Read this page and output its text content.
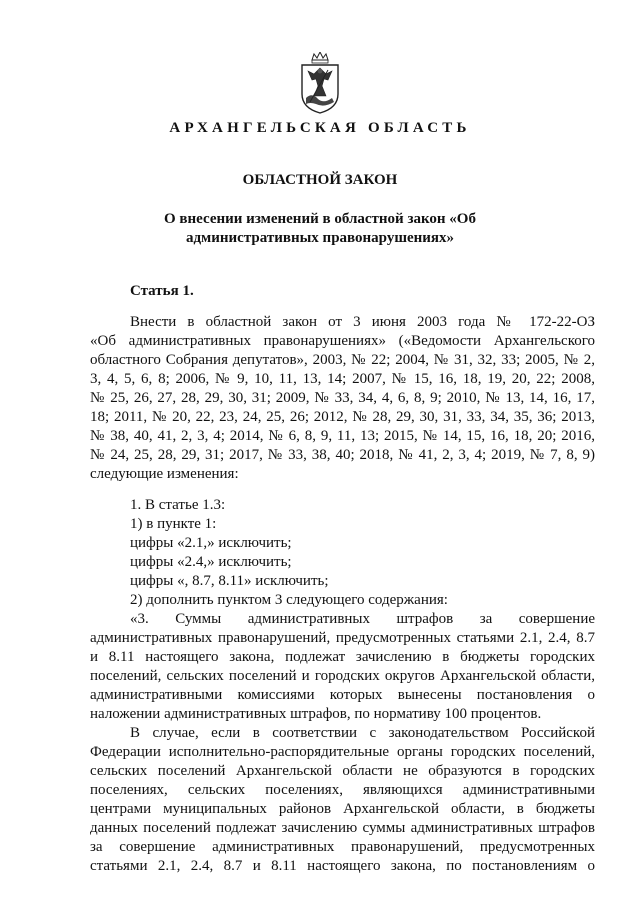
АРХАНГЕЛЬСКАЯ ОБЛАСТЬ
ОБЛАСТНОЙ ЗАКОН
О внесении изменений в областной закон «Об административных правонарушениях»
Статья 1.
Внести в областной закон от 3 июня 2003 года № 172-22-ОЗ
«Об административных правонарушениях» («Ведомости Архангельского
областного Собрания депутатов», 2003, № 22; 2004, № 31, 32, 33; 2005, № 2,
3, 4, 5, 6, 8; 2006, № 9, 10, 11, 13, 14; 2007, № 15, 16, 18, 19, 20, 22; 2008,
№ 25, 26, 27, 28, 29, 30, 31; 2009, № 33, 34, 4, 6, 8, 9; 2010, № 13, 14, 16, 17,
18; 2011, № 20, 22, 23, 24, 25, 26; 2012, № 28, 29, 30, 31, 33, 34, 35, 36; 2013,
№ 38, 40, 41, 2, 3, 4; 2014, № 6, 8, 9, 11, 13; 2015, № 14, 15, 16, 18, 20; 2016,
№ 24, 25, 28, 29, 31; 2017, № 33, 38, 40; 2018, № 41, 2, 3, 4; 2019, № 7, 8, 9)
следующие изменения:
1. В статье 1.3:
1) в пункте 1:
цифры «2.1,» исключить;
цифры «2.4,» исключить;
цифры «, 8.7, 8.11» исключить;
2) дополнить пунктом 3 следующего содержания:
«3. Суммы административных штрафов за совершение
административных правонарушений, предусмотренных статьями 2.1, 2.4, 8.7
и 8.11 настоящего закона, подлежат зачислению в бюджеты городских
поселений, сельских поселений и городских округов Архангельской области,
административными комиссиями которых вынесены постановления о
наложении административных штрафов, по нормативу 100 процентов.
В случае, если в соответствии с законодательством Российской
Федерации исполнительно-распорядительные органы городских поселений,
сельских поселений Архангельской области не образуются в городских
поселениях, сельских поселениях, являющихся административными
центрами муниципальных районов Архангельской области, в бюджеты
данных поселений подлежат зачислению суммы административных штрафов
за совершение административных правонарушений, предусмотренных
статьями 2.1, 2.4, 8.7 и 8.11 настоящего закона, по постановлениям о
